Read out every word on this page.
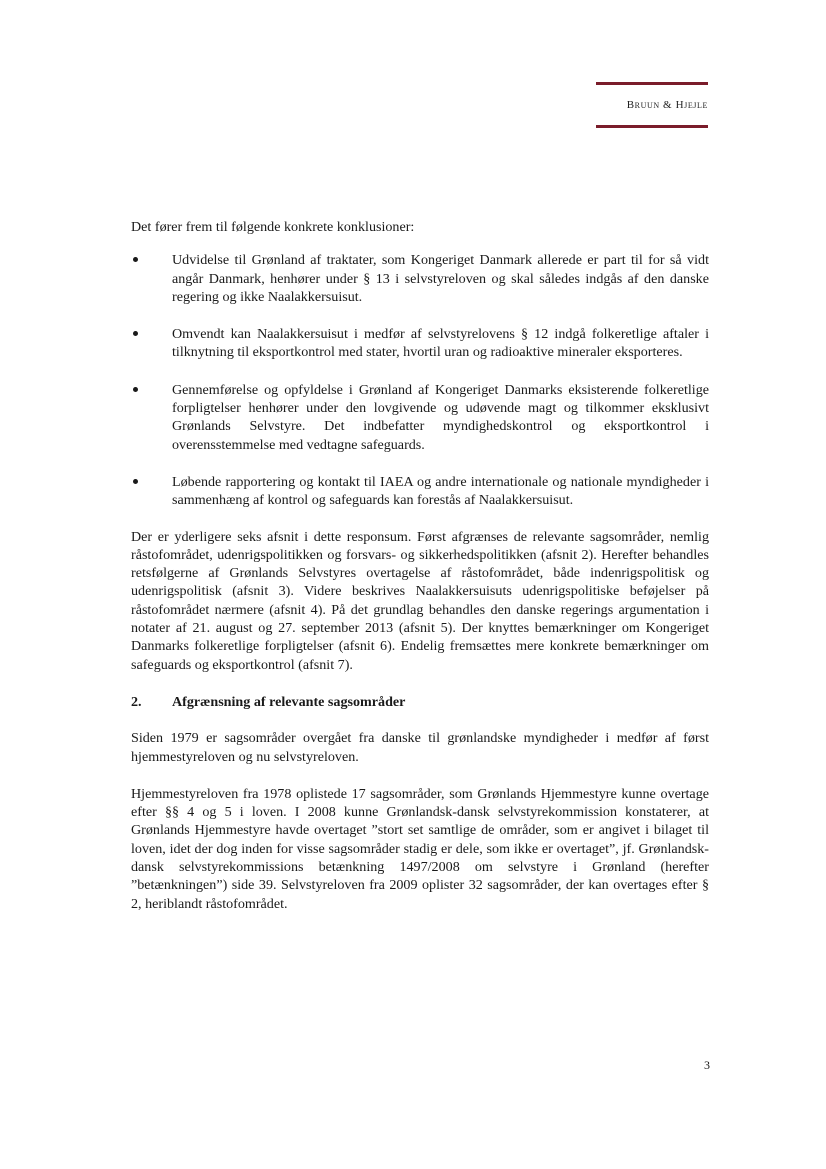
Bruun & Hjejle

Det fører frem til følgende konkrete konklusioner:

Udvidelse til Grønland af traktater, som Kongeriget Danmark allerede er part til for så vidt angår Danmark, henhører under § 13 i selvstyreloven og skal således indgås af den danske regering og ikke Naalakkersuisut.
Omvendt kan Naalakkersuisut i medfør af selvstyrelovens § 12 indgå folkeretlige aftaler i tilknytning til eksportkontrol med stater, hvortil uran og radioaktive mineraler eksporteres.
Gennemførelse og opfyldelse i Grønland af Kongeriget Danmarks eksisterende folkeretlige forpligtelser henhører under den lovgivende og udøvende magt og tilkommer eksklusivt Grønlands Selvstyre. Det indbefatter myndighedskontrol og eksportkontrol i overensstemmelse med vedtagne safeguards.
Løbende rapportering og kontakt til IAEA og andre internationale og nationale myndigheder i sammenhæng af kontrol og safeguards kan forestås af Naalakkersuisut.

Der er yderligere seks afsnit i dette responsum. Først afgrænses de relevante sagsområder, nemlig råstofområdet, udenrigspolitikken og forsvars- og sikkerhedspolitikken (afsnit 2). Herefter behandles retsfølgerne af Grønlands Selvstyres overtagelse af råstofområdet, både indenrigspolitisk og udenrigspolitisk (afsnit 3). Videre beskrives Naalakkersuisuts udenrigspolitiske beføjelser på råstofområdet nærmere (afsnit 4). På det grundlag behandles den danske regerings argumentation i notater af 21. august og 27. september 2013 (afsnit 5). Der knyttes bemærkninger om Kongeriget Danmarks folkeretlige forpligtelser (afsnit 6). Endelig fremsættes mere konkrete bemærkninger om safeguards og eksportkontrol (afsnit 7).

2. Afgrænsning af relevante sagsområder

Siden 1979 er sagsområder overgået fra danske til grønlandske myndigheder i medfør af først hjemmestyreloven og nu selvstyreloven.

Hjemmestyreloven fra 1978 oplistede 17 sagsområder, som Grønlands Hjemmestyre kunne overtage efter §§ 4 og 5 i loven. I 2008 kunne Grønlandsk-dansk selvstyrekommission konstaterer, at Grønlands Hjemmestyre havde overtaget ”stort set samtlige de områder, som er angivet i bilaget til loven, idet der dog inden for visse sagsområder stadig er dele, som ikke er overtaget”, jf. Grønlandsk-dansk selvstyrekommissions betænkning 1497/2008 om selvstyre i Grønland (herefter ”betænkningen”) side 39. Selvstyreloven fra 2009 oplister 32 sagsområder, der kan overtages efter § 2, heriblandt råstofområdet.

3
